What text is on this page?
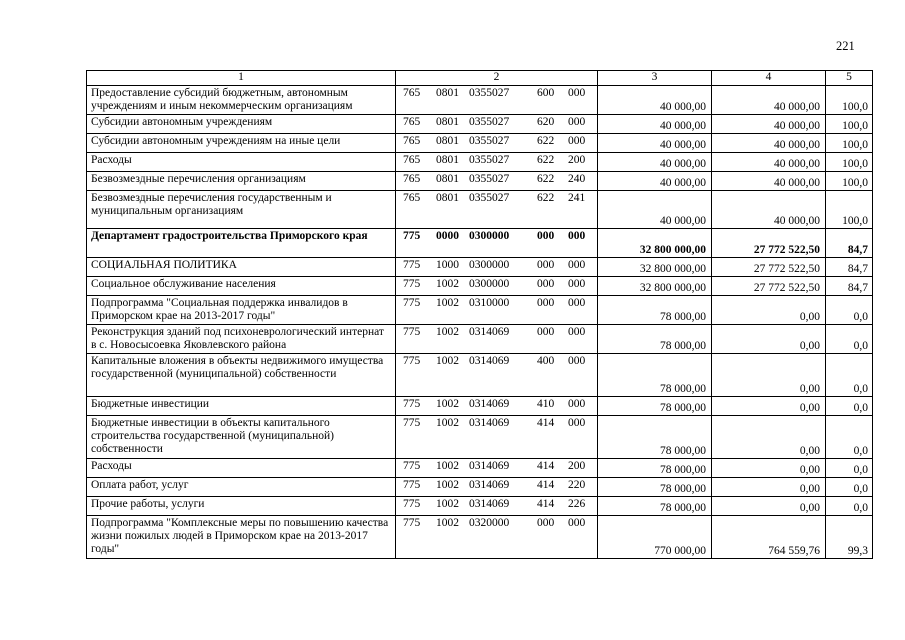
221
1	2	3	4	5
Предоставление субсидий бюджетным, автономным учреждениям и иным некоммерческим организациям	765 0801 0355027 600 000	40 000,00	40 000,00	100,0
Субсидии автономным учреждениям	765 0801 0355027 620 000	40 000,00	40 000,00	100,0
Субсидии автономным учреждениям на иные цели	765 0801 0355027 622 000	40 000,00	40 000,00	100,0
Расходы	765 0801 0355027 622 200	40 000,00	40 000,00	100,0
Безвозмездные перечисления организациям	765 0801 0355027 622 240	40 000,00	40 000,00	100,0
Безвозмездные перечисления государственным и муниципальным организациям	765 0801 0355027 622 241	40 000,00	40 000,00	100,0
Департамент градостроительства Приморского края	775 0000 0300000 000 000	32 800 000,00	27 772 522,50	84,7
СОЦИАЛЬНАЯ ПОЛИТИКА	775 1000 0300000 000 000	32 800 000,00	27 772 522,50	84,7
Социальное обслуживание населения	775 1002 0300000 000 000	32 800 000,00	27 772 522,50	84,7
Подпрограмма "Социальная поддержка инвалидов в Приморском крае на 2013-2017 годы"	775 1002 0310000 000 000	78 000,00	0,00	0,0
Реконструкция зданий под психоневрологический интернат в с. Новосысоевка Яковлевского района	775 1002 0314069 000 000	78 000,00	0,00	0,0
Капитальные вложения в объекты недвижимого имущества государственной (муниципальной) собственности	775 1002 0314069 400 000	78 000,00	0,00	0,0
Бюджетные инвестиции	775 1002 0314069 410 000	78 000,00	0,00	0,0
Бюджетные инвестиции в объекты капитального строительства государственной (муниципальной) собственности	775 1002 0314069 414 000	78 000,00	0,00	0,0
Расходы	775 1002 0314069 414 200	78 000,00	0,00	0,0
Оплата работ, услуг	775 1002 0314069 414 220	78 000,00	0,00	0,0
Прочие работы, услуги	775 1002 0314069 414 226	78 000,00	0,00	0,0
Подпрограмма "Комплексные меры по повышению качества жизни пожилых людей в Приморском крае на 2013-2017 годы"	775 1002 0320000 000 000	770 000,00	764 559,76	99,3
